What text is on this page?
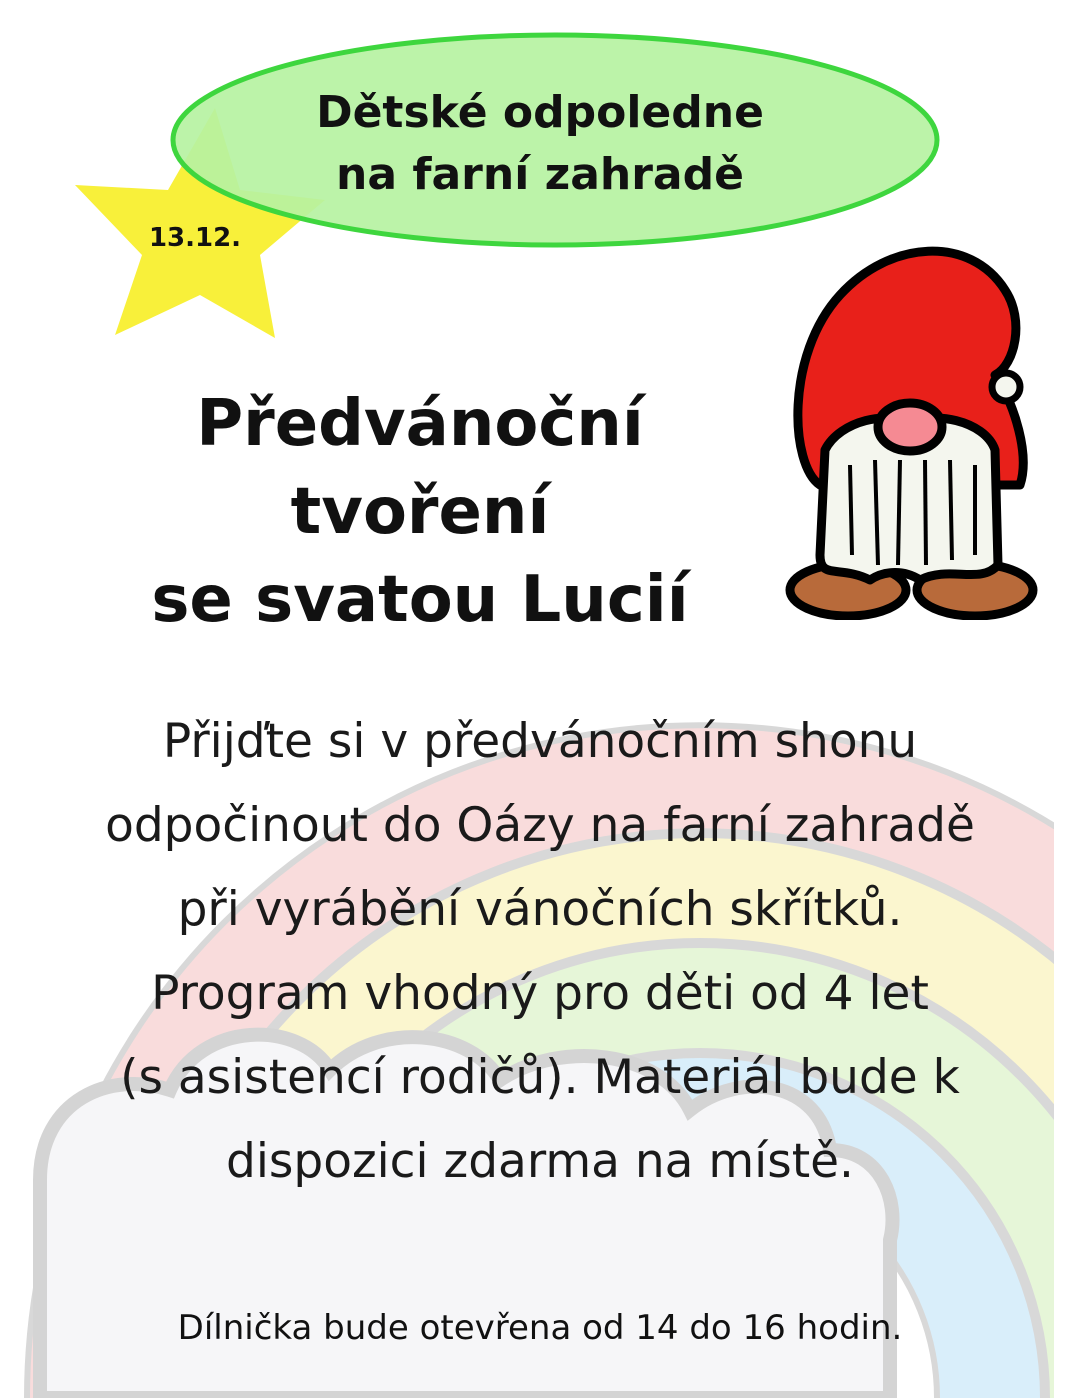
Dětské odpoledne
na farní zahradě
13.12.
Předvánoční
tvoření
se svatou Lucií
Přijďte si v předvánočním shonu
odpočinout do Oázy na farní zahradě
při vyrábění vánočních skřítků.
Program vhodný pro děti od 4 let
(s asistencí rodičů). Materiál bude k
dispozici zdarma na místě.
Dílnička bude otevřena od 14 do 16 hodin.
